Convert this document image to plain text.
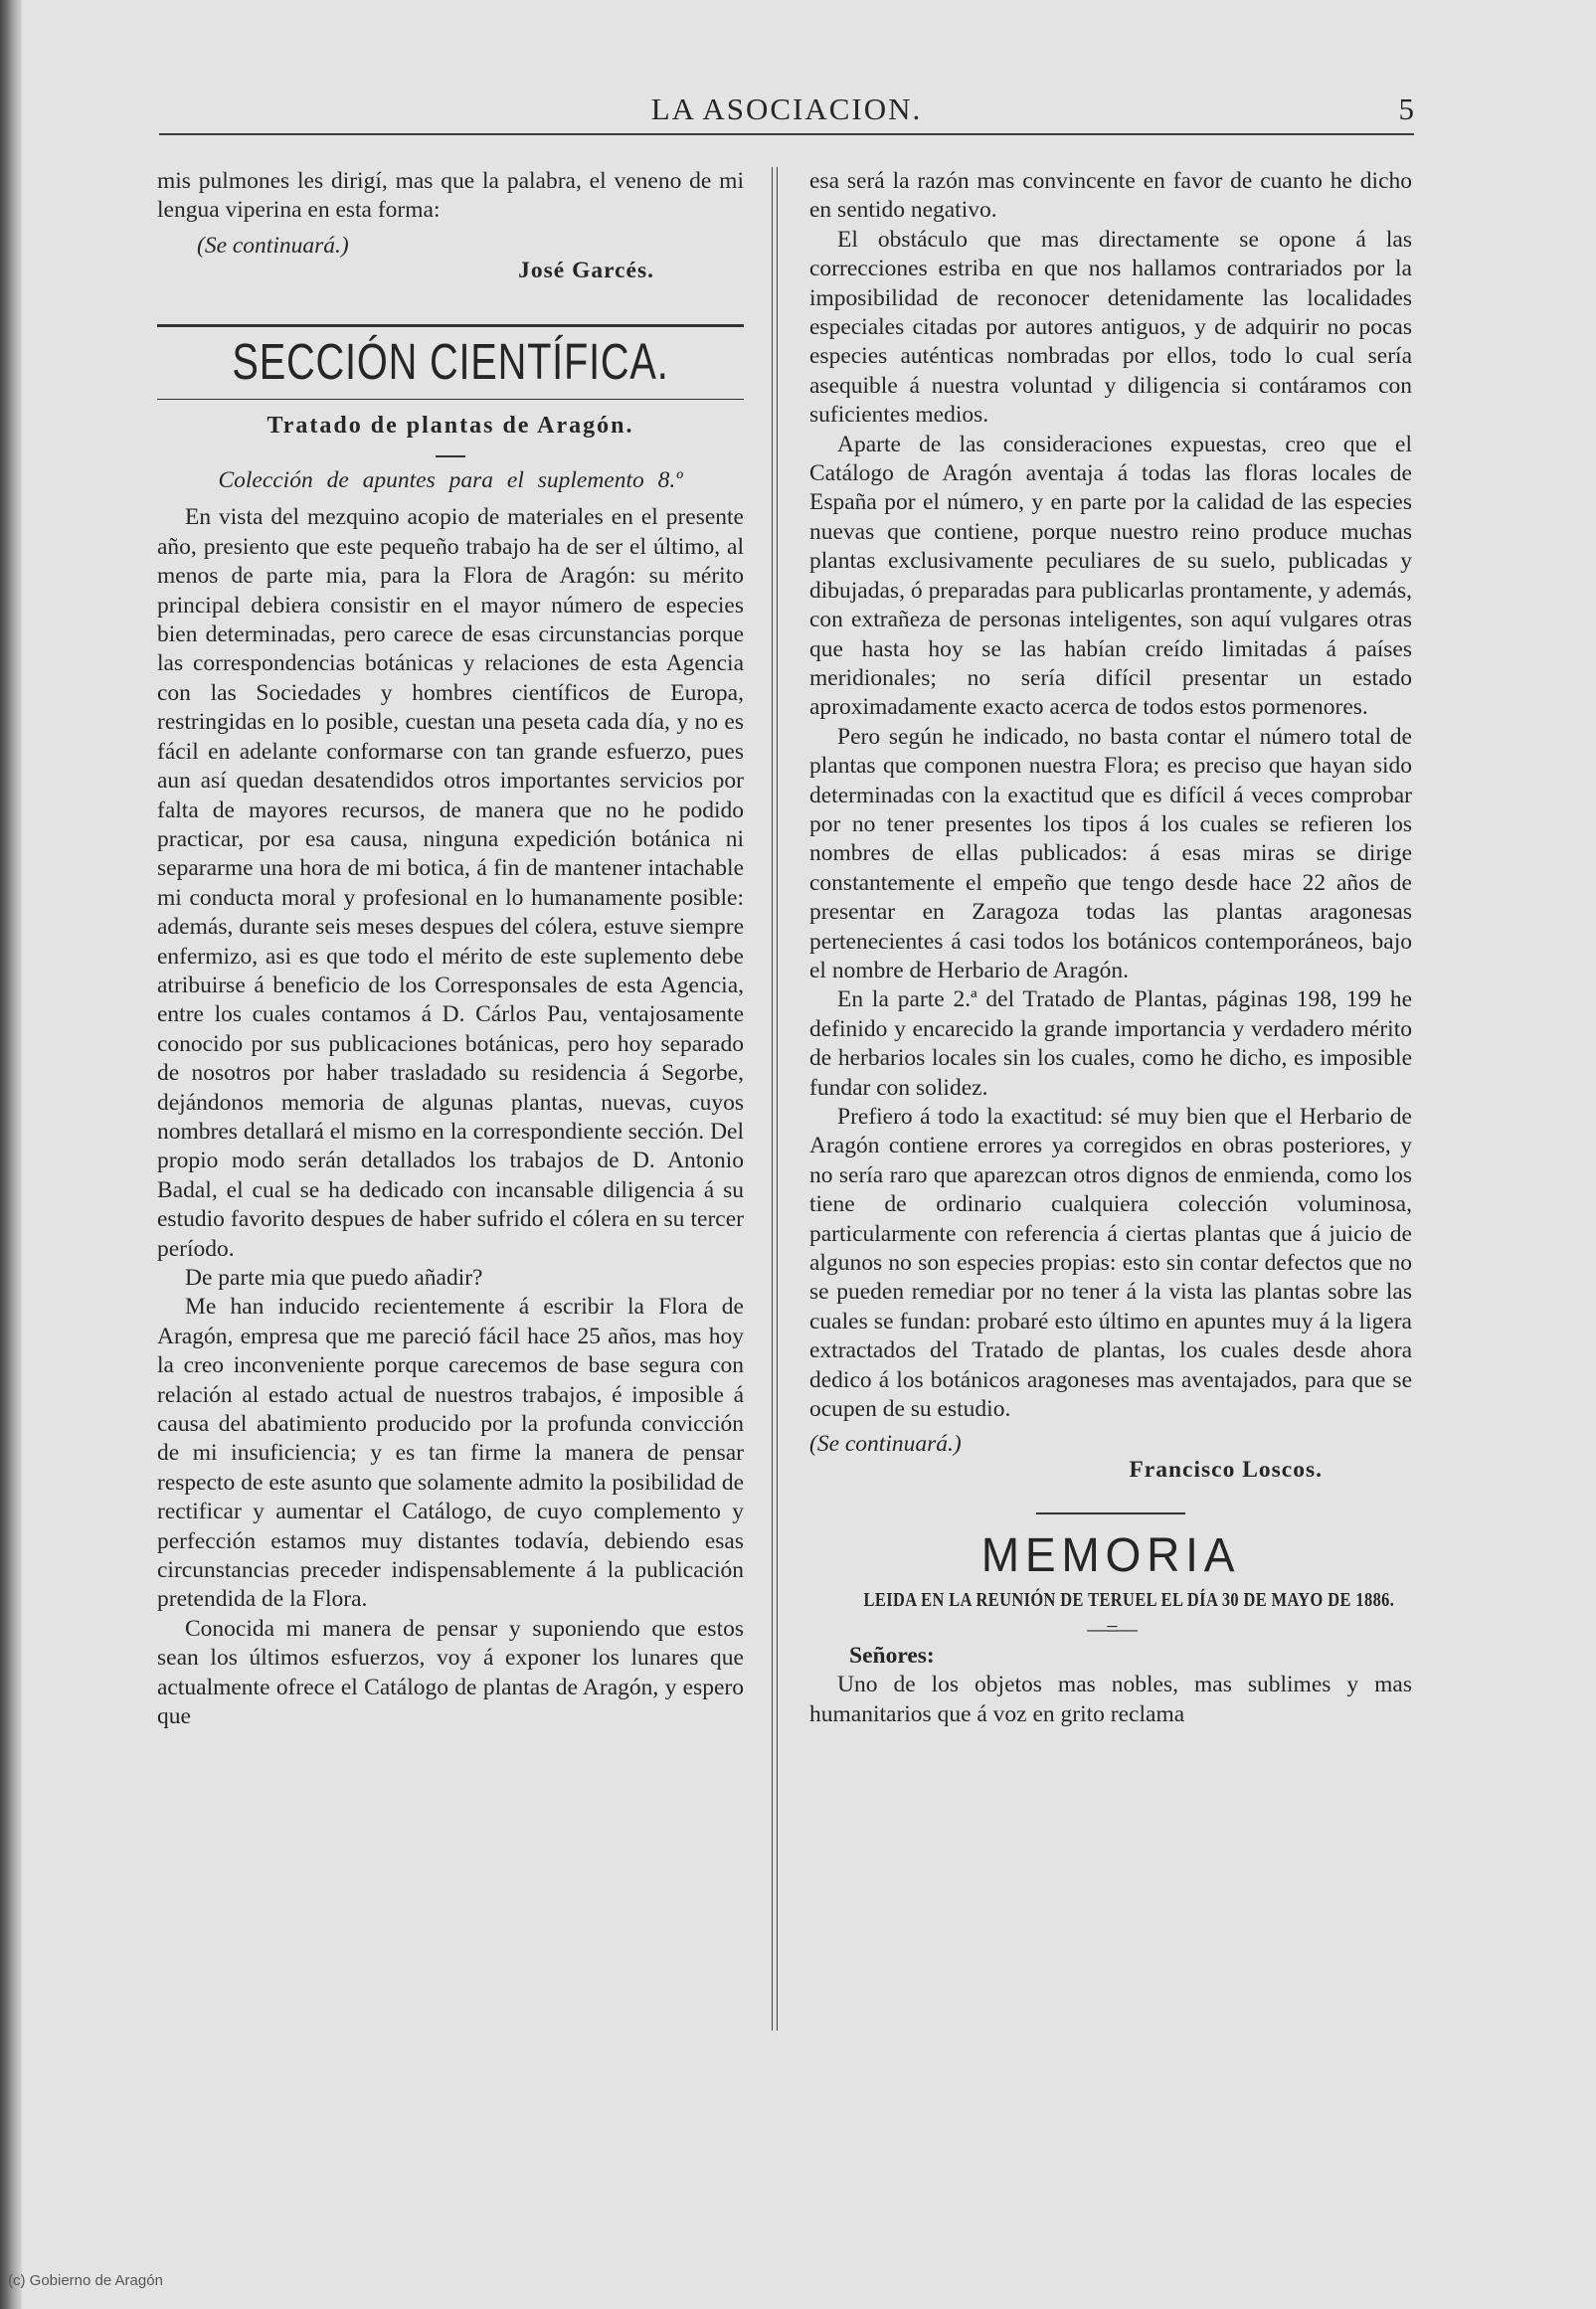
LA ASOCIACION.	5

mis pulmones les dirigí, mas que la palabra, el veneno de mi lengua viperina en esta forma:

(Se continuará.)

José Garcés.

SECCIÓN CIENTÍFICA.
Tratado de plantas de Aragón.
Colección de apuntes para el suplemento 8.º

En vista del mezquino acopio de materiales en el presente año, presiento que este pequeño trabajo ha de ser el último, al menos de parte mia, para la Flora de Aragón: su mérito principal debiera consistir en el mayor número de especies bien determinadas, pero carece de esas circunstancias porque las correspondencias botánicas y relaciones de esta Agencia con las Sociedades y hombres científicos de Europa, restringidas en lo posible, cuestan una peseta cada día, y no es fácil en adelante conformarse con tan grande esfuerzo, pues aun así quedan desatendidos otros importantes servicios por falta de mayores recursos, de manera que no he podido practicar, por esa causa, ninguna expedición botánica ni separarme una hora de mi botica, á fin de mantener intachable mi conducta moral y profesional en lo humanamente posible: además, durante seis meses despues del cólera, estuve siempre enfermizo, asi es que todo el mérito de este suplemento debe atribuirse á beneficio de los Corresponsales de esta Agencia, entre los cuales contamos á D. Cárlos Pau, ventajosamente conocido por sus publicaciones botánicas, pero hoy separado de nosotros por haber trasladado su residencia á Segorbe, dejándonos memoria de algunas plantas, nuevas, cuyos nombres detallará el mismo en la correspondiente sección. Del propio modo serán detallados los trabajos de D. Antonio Badal, el cual se ha dedicado con incansable diligencia á su estudio favorito despues de haber sufrido el cólera en su tercer período.

De parte mia que puedo añadir?

Me han inducido recientemente á escribir la Flora de Aragón, empresa que me pareció fácil hace 25 años, mas hoy la creo inconveniente porque carecemos de base segura con relación al estado actual de nuestros trabajos, é imposible á causa del abatimiento producido por la profunda convicción de mi insuficiencia; y es tan firme la manera de pensar respecto de este asunto que solamente admito la posibilidad de rectificar y aumentar el Catálogo, de cuyo complemento y perfección estamos muy distantes todavía, debiendo esas circunstancias preceder indispensablemente á la publicación pretendida de la Flora.

Conocida mi manera de pensar y suponiendo que estos sean los últimos esfuerzos, voy á exponer los lunares que actualmente ofrece el Catálogo de plantas de Aragón, y espero que

esa será la razón mas convincente en favor de cuanto he dicho en sentido negativo.

El obstáculo que mas directamente se opone á las correcciones estriba en que nos hallamos contrariados por la imposibilidad de reconocer detenidamente las localidades especiales citadas por autores antiguos, y de adquirir no pocas especies auténticas nombradas por ellos, todo lo cual sería asequible á nuestra voluntad y diligencia si contáramos con suficientes medios.

Aparte de las consideraciones expuestas, creo que el Catálogo de Aragón aventaja á todas las floras locales de España por el número, y en parte por la calidad de las especies nuevas que contiene, porque nuestro reino produce muchas plantas exclusivamente peculiares de su suelo, publicadas y dibujadas, ó preparadas para publicarlas prontamente, y además, con extrañeza de personas inteligentes, son aquí vulgares otras que hasta hoy se las habían creído limitadas á países meridionales; no sería difícil presentar un estado aproximadamente exacto acerca de todos estos pormenores.

Pero según he indicado, no basta contar el número total de plantas que componen nuestra Flora; es preciso que hayan sido determinadas con la exactitud que es difícil á veces comprobar por no tener presentes los tipos á los cuales se refieren los nombres de ellas publicados: á esas miras se dirige constantemente el empeño que tengo desde hace 22 años de presentar en Zaragoza todas las plantas aragonesas pertenecientes á casi todos los botánicos contemporáneos, bajo el nombre de Herbario de Aragón.

En la parte 2.ª del Tratado de Plantas, páginas 198, 199 he definido y encarecido la grande importancia y verdadero mérito de herbarios locales sin los cuales, como he dicho, es imposible fundar con solidez.

Prefiero á todo la exactitud: sé muy bien que el Herbario de Aragón contiene errores ya corregidos en obras posteriores, y no sería raro que aparezcan otros dignos de enmienda, como los tiene de ordinario cualquiera colección voluminosa, particularmente con referencia á ciertas plantas que á juicio de algunos no son especies propias: esto sin contar defectos que no se pueden remediar por no tener á la vista las plantas sobre las cuales se fundan: probaré esto último en apuntes muy á la ligera extractados del Tratado de plantas, los cuales desde ahora dedico á los botánicos aragoneses mas aventajados, para que se ocupen de su estudio.

(Se continuará.)

Francisco Loscos.

MEMORIA
LEIDA EN LA REUNIÓN DE TERUEL EL DÍA 30 DE MAYO DE 1886.
—=—

Señores:

Uno de los objetos mas nobles, mas sublimes y mas humanitarios que á voz en grito reclama

(c) Gobierno de Aragón
